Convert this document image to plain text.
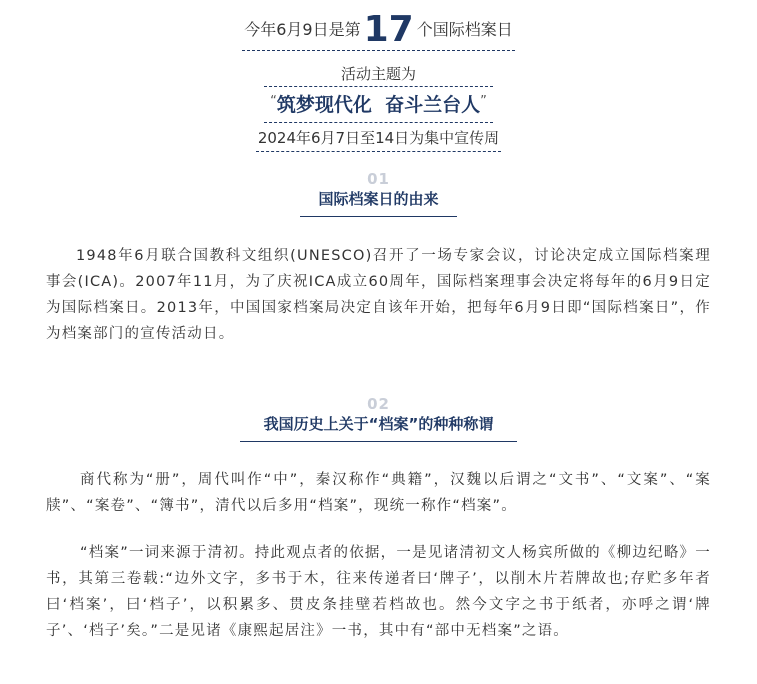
今年6月9日是第17 个国际档案日
活动主题为
“筑梦现代化  奋斗兰台人”
2024年6月7日至14日为集中宣传周
01
国际档案日的由来

1948年6月联合国教科文组织(UNESCO)召开了一场专家会议，讨论决定成立国际档案理事会(ICA)。2007年11月，为了庆祝ICA成立60周年，国际档案理事会决定将每年的6月9日定为国际档案日。2013年，中国国家档案局决定自该年开始，把每年6月9日即“国际档案日”，作为档案部门的宣传活动日。

02
我国历史上关于“档案”的种种称谓

商代称为“册”，周代叫作“中”，秦汉称作“典籍”，汉魏以后谓之“文书”、“文案”、“案牍”、“案卷”、“簿书”，清代以后多用“档案”，现统一称作“档案”。

“档案”一词来源于清初。持此观点者的依据，一是见诸清初文人杨宾所做的《柳边纪略》一书，其第三卷载:“边外文字，多书于木，往来传递者曰‘牌子’，以削木片若牌故也;存贮多年者曰‘档案’，曰‘档子’，以积累多、贯皮条挂壁若档故也。然今文字之书于纸者，亦呼之谓‘牌子’、‘档子’矣。”二是见诸《康熙起居注》一书，其中有“部中无档案”之语。
